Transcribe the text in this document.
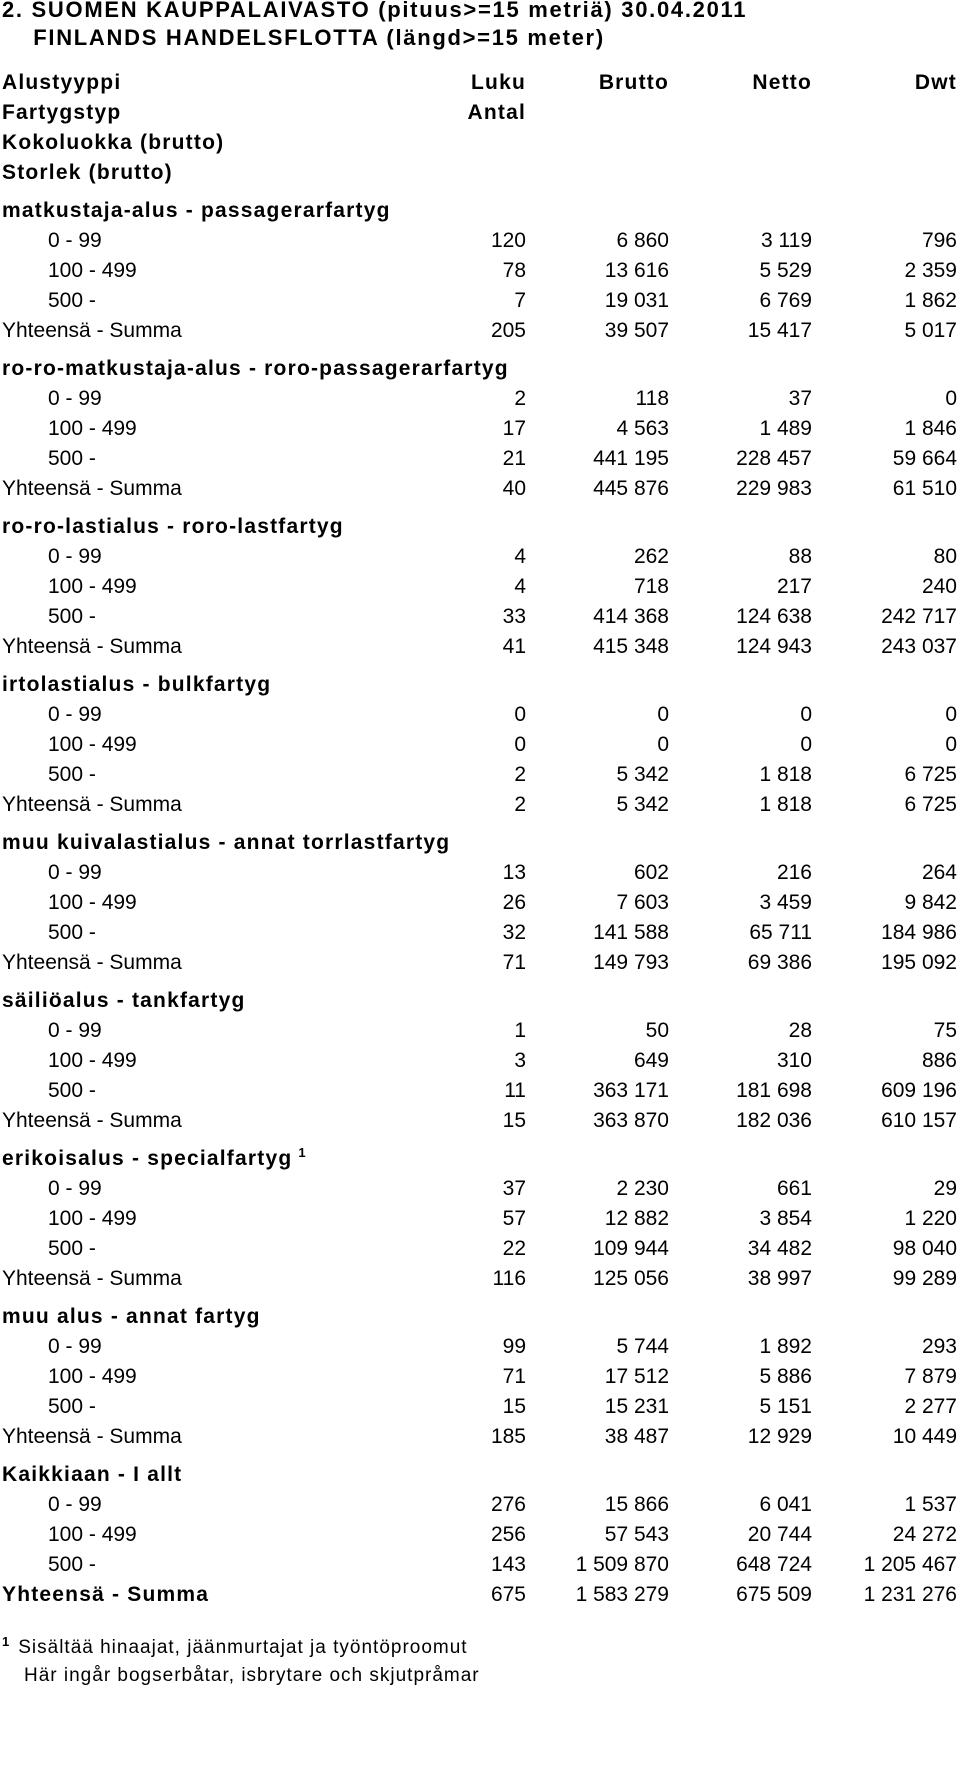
2. SUOMEN KAUPPALAIVASTO (pituus>=15 metriä) 30.04.2011
FINLANDS HANDELSFLOTTA (längd>=15 meter)
Alustyyppi	Luku	Brutto	Netto	Dwt
Fartygstyp	Antal
Kokoluokka (brutto)
Storlek (brutto)
matkustaja-alus - passagerarfartyg
0 - 99	120	6 860	3 119	796
100 - 499	78	13 616	5 529	2 359
500 -	7	19 031	6 769	1 862
Yhteensä - Summa	205	39 507	15 417	5 017
ro-ro-matkustaja-alus - roro-passagerarfartyg
0 - 99	2	118	37	0
100 - 499	17	4 563	1 489	1 846
500 -	21	441 195	228 457	59 664
Yhteensä - Summa	40	445 876	229 983	61 510
ro-ro-lastialus - roro-lastfartyg
0 - 99	4	262	88	80
100 - 499	4	718	217	240
500 -	33	414 368	124 638	242 717
Yhteensä - Summa	41	415 348	124 943	243 037
irtolastialus - bulkfartyg
0 - 99	0	0	0	0
100 - 499	0	0	0	0
500 -	2	5 342	1 818	6 725
Yhteensä - Summa	2	5 342	1 818	6 725
muu kuivalastialus - annat torrlastfartyg
0 - 99	13	602	216	264
100 - 499	26	7 603	3 459	9 842
500 -	32	141 588	65 711	184 986
Yhteensä - Summa	71	149 793	69 386	195 092
säiliöalus - tankfartyg
0 - 99	1	50	28	75
100 - 499	3	649	310	886
500 -	11	363 171	181 698	609 196
Yhteensä - Summa	15	363 870	182 036	610 157
erikoisalus - specialfartyg $^1$
0 - 99	37	2 230	661	29
100 - 499	57	12 882	3 854	1 220
500 -	22	109 944	34 482	98 040
Yhteensä - Summa	116	125 056	38 997	99 289
muu alus - annat fartyg
0 - 99	99	5 744	1 892	293
100 - 499	71	17 512	5 886	7 879
500 -	15	15 231	5 151	2 277
Yhteensä - Summa	185	38 487	12 929	10 449
Kaikkiaan - I allt
0 - 99	276	15 866	6 041	1 537
100 - 499	256	57 543	20 744	24 272
500 -	143	1 509 870	648 724	1 205 467
Yhteensä - Summa	675	1 583 279	675 509	1 231 276
$^1$ Sisältää hinaajat, jäänmurtajat ja työntöproomut
Här ingår bogserbåtar, isbrytare och skjutpråmar
